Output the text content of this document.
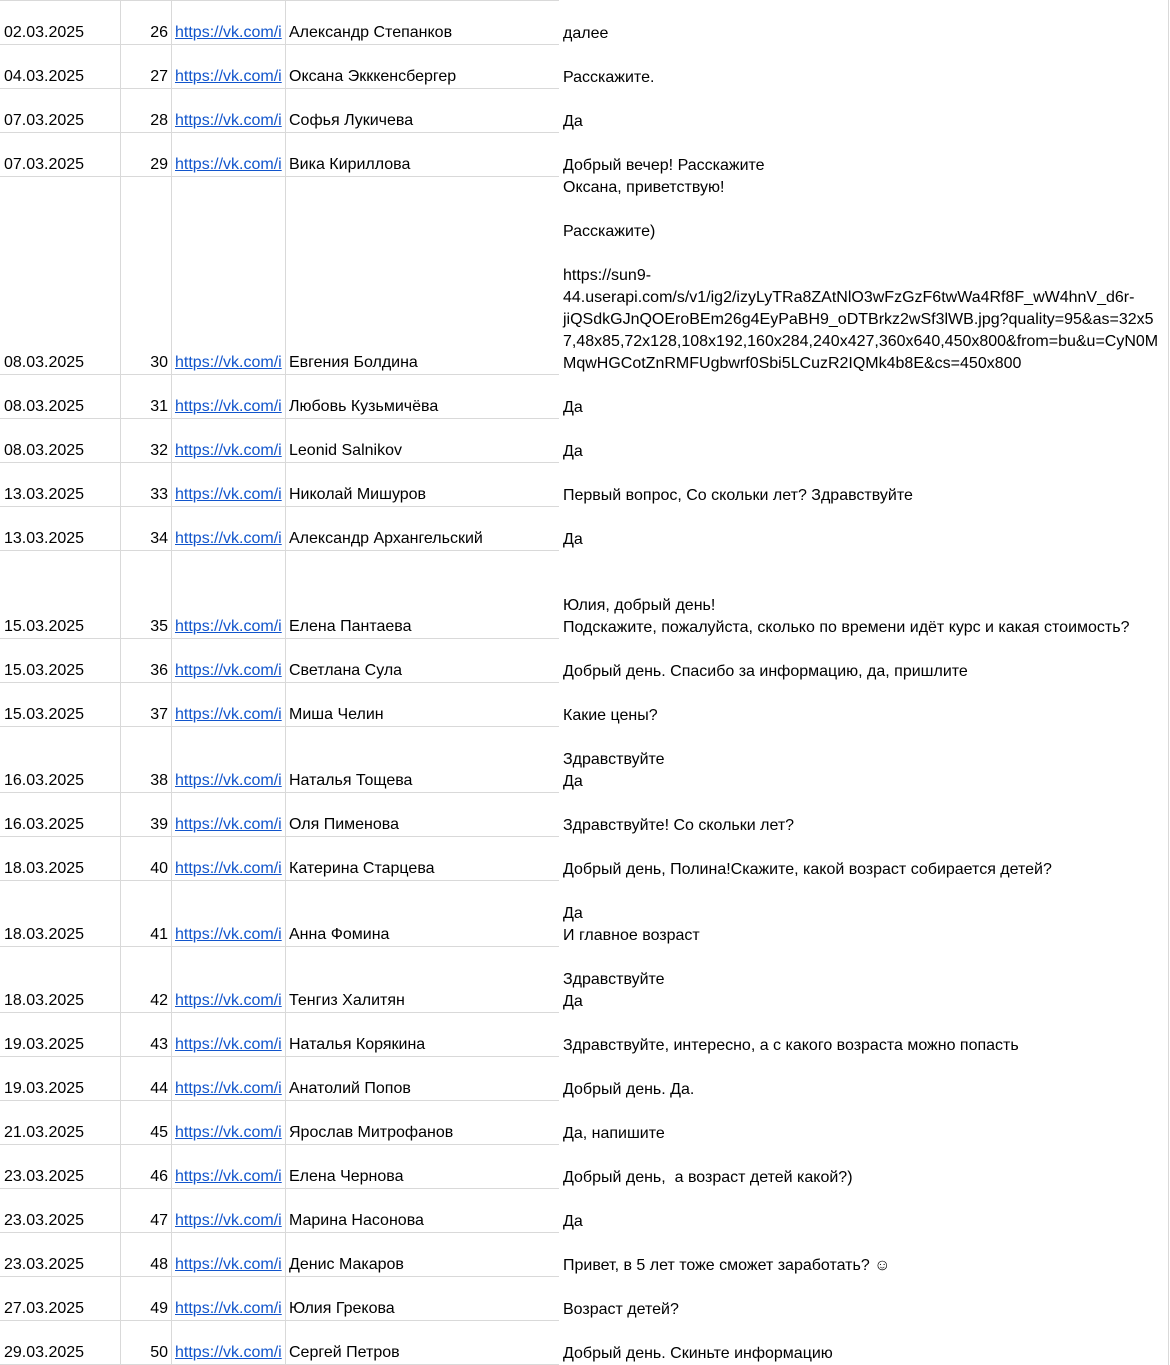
02.03.2025	26 https://vk.com/i Александр Степанков	далее

04.03.2025	27 https://vk.com/i Оксана Экккенсбергер	Расскажите.

07.03.2025	28 https://vk.com/i Софья Лукичева	Да

07.03.2025	29 https://vk.com/i Вика Кириллова	Добрый вечер! Расскажите

08.03.2025	30 https://vk.com/i Евгения Болдина
Оксана, приветствую!

Расскажите)

https://sun9-
44.userapi.com/s/v1/ig2/izyLyTRa8ZAtNlO3wFzGzF6twWa4Rf8F_wW4hnV_d6r-
jiQSdkGJnQOEroBEm26g4EyPaBH9_oDTBrkz2wSf3lWB.jpg?quality=95&as=32x5
7,48x85,72x128,108x192,160x284,240x427,360x640,450x800&from=bu&u=CyN0M
MqwHGCotZnRMFUgbwrf0Sbi5LCuzR2IQMk4b8E&cs=450x800
08.03.2025	31 https://vk.com/i Любовь Кузьмичёва	Да

08.03.2025	32 https://vk.com/i Leonid Salnikov	Да

13.03.2025	33 https://vk.com/i Николай Мишуров	Первый вопрос, Со скольки лет? Здравствуйте

13.03.2025	34 https://vk.com/i Александр Архангельский	Да

15.03.2025	35 https://vk.com/i Елена Пантаева

Юлия, добрый день!
Подскажите, пожалуйста, сколько по времени идёт курс и какая стоимость?

15.03.2025	36 https://vk.com/i Светлана Сула	Добрый день. Спасибо за информацию, да, пришлите

15.03.2025	37 https://vk.com/i Миша Челин	Какие цены?

16.03.2025	38 https://vk.com/i Наталья Тощева
Здравствуйте
Да

16.03.2025	39 https://vk.com/i Оля Пименова	Здравствуйте! Со скольки лет?

18.03.2025	40 https://vk.com/i Катерина Старцева	Добрый день, Полина!Скажите, какой возраст собирается детей?

18.03.2025	41 https://vk.com/i Анна Фомина
Да
И главное возраст

18.03.2025	42 https://vk.com/i Тенгиз Халитян
Здравствуйте
Да

19.03.2025	43 https://vk.com/i Наталья Корякина	Здравствуйте, интересно, а с какого возраста можно попасть

19.03.2025	44 https://vk.com/i Анатолий Попов	Добрый день. Да.

21.03.2025	45 https://vk.com/i Ярослав Митрофанов	Да, напишите

23.03.2025	46 https://vk.com/i Елена Чернова	Добрый день,  а возраст детей какой?)

23.03.2025	47 https://vk.com/i Марина Насонова	Да

23.03.2025	48 https://vk.com/i Денис Макаров	Привет, в 5 лет тоже сможет заработать? ☺

27.03.2025	49 https://vk.com/i Юлия Грекова	Возраст детей?

29.03.2025	50 https://vk.com/i Сергей Петров	Добрый день. Скиньте информацию
